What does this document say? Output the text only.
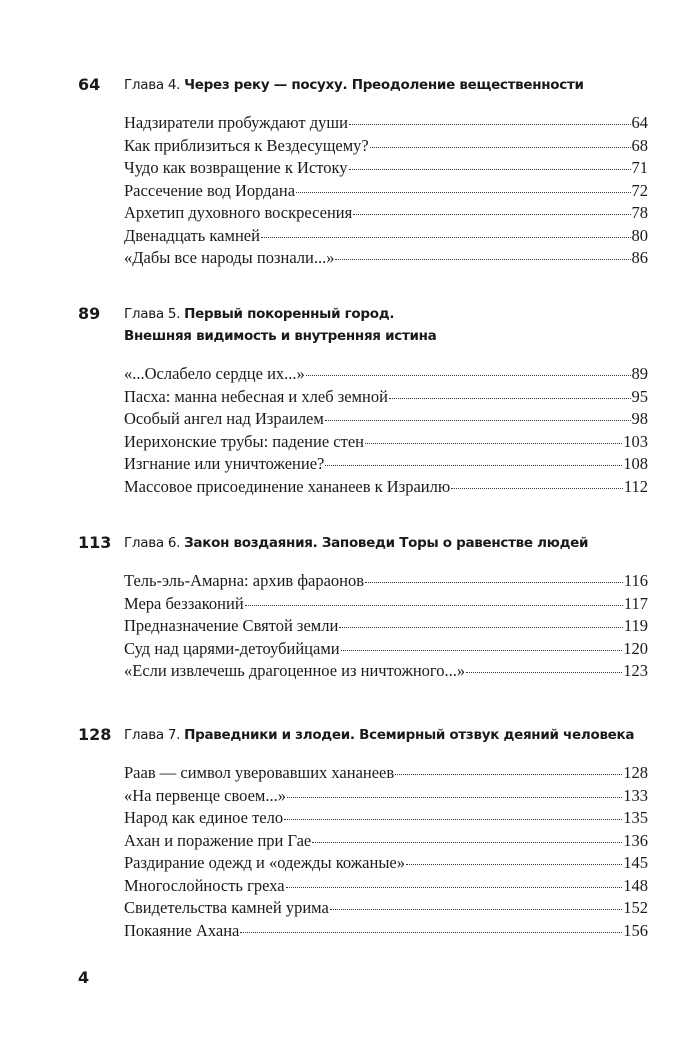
64 Глава 4. Через реку — посуху. Преодоление вещественности
Надзиратели пробуждают души	64
Как приблизиться к Вездесущему?	68
Чудо как возвращение к Истоку	71
Рассечение вод Иордана	72
Архетип духовного воскресения	78
Двенадцать камней	80
«Дабы все народы познали...»	86
89 Глава 5. Первый покоренный город.
Внешняя видимость и внутренняя истина
«...Ослабело сердце их...»	89
Пасха: манна небесная и хлеб земной	95
Особый ангел над Израилем	98
Иерихонские трубы: падение стен	103
Изгнание или уничтожение?	108
Массовое присоединение хананеев к Израилю	112
113 Глава 6. Закон воздаяния. Заповеди Торы о равенстве людей
Тель-эль-Амарна: архив фараонов	116
Мера беззаконий	117
Предназначение Святой земли	119
Суд над царями-детоубийцами	120
«Если извлечешь драгоценное из ничтожного...»	123
128 Глава 7. Праведники и злодеи. Всемирный отзвук деяний человека
Раав — символ уверовавших хананеев	128
«На первенце своем...»	133
Народ как единое тело	135
Ахан и поражение при Гае	136
Раздирание одежд и «одежды кожаные»	145
Многослойность греха	148
Свидетельства камней урима	152
Покаяние Ахана	156
4
